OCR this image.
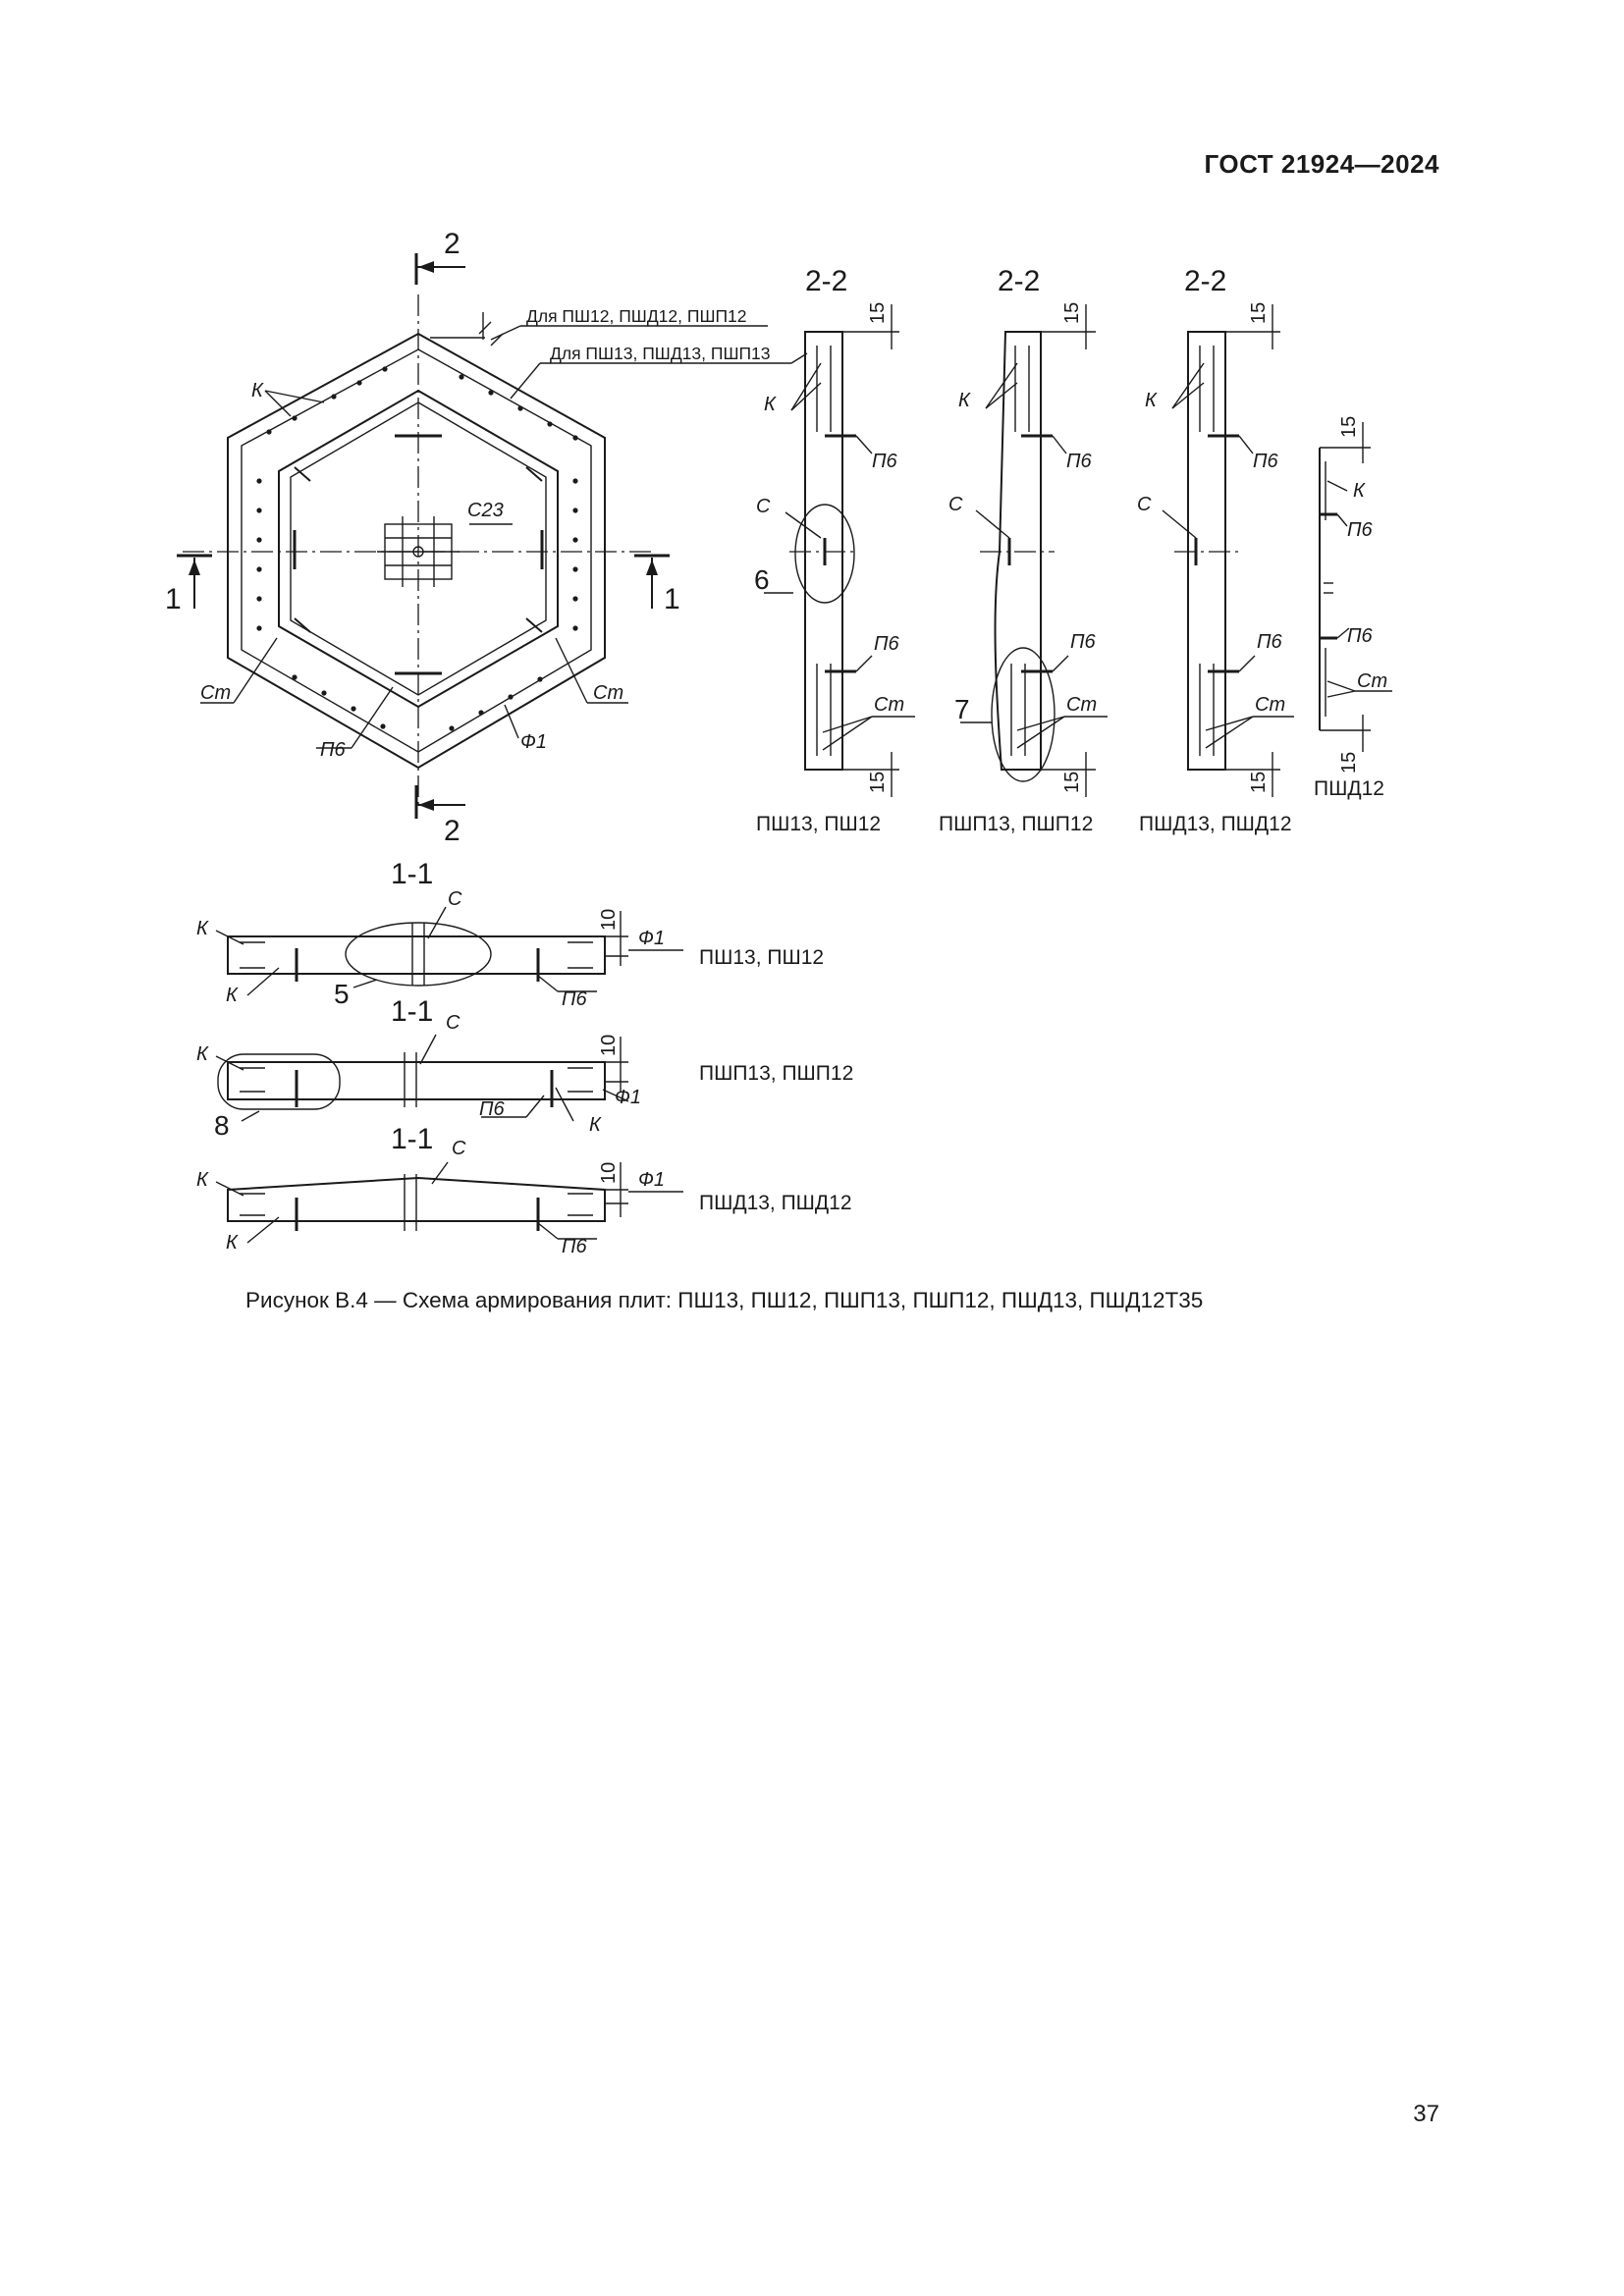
ГОСТ 21924—2024
2
2
1	1
Для ПШ12, ПШД12, ПШП12
Для ПШ13, ПШД13, ПШП13
К
С23
Ст	Ст
П6	Ф1
2-2
15
15
К
П6
С
6
П6
Ст
ПШ13, ПШ12
2-2
15
15
К
П6
С
7
П6
Ст
ПШП13, ПШП12
2-2
15
15
К
П6
С
П6
Ст
ПШД13, ПШД12
15
15
К
П6
П6
Ст
ПШД12
1-1
10
С
Ф1
К
К	5	П6
ПШ13, ПШ12
1-1
10
С
Ф1
К
К
8
П6
ПШП13, ПШП12
1-1
10
С
Ф1
К
К	П6
ПШД13, ПШД12
Рисунок В.4 — Схема армирования плит: ПШ13, ПШ12, ПШП13, ПШП12, ПШД13, ПШД12Т35
37
